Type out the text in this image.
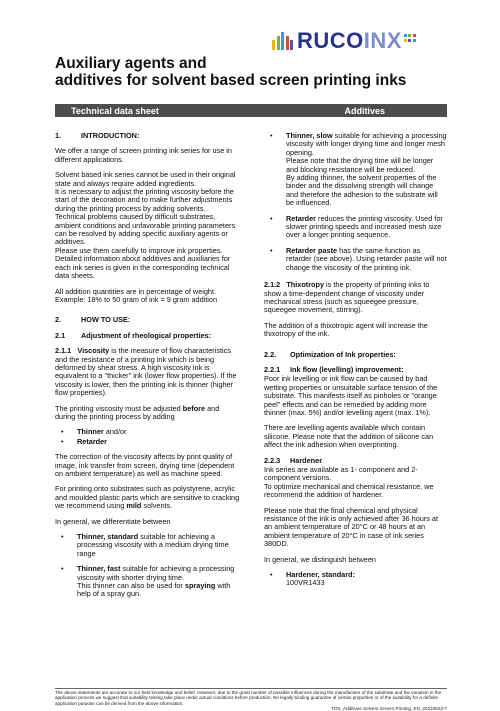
RUCOINX
Auxiliary agents and
additives for solvent based screen printing inks
Technical data sheet	Additives
1.	INTRODUCTION:

We offer a range of screen printing ink series for use in different applications.

Solvent based ink series cannot be used in their original state and always require added ingredients.
It is necessary to adjust the printing viscosity before the start of the decoration and to make further adjustments during the printing process by adding solvents.
Technical problems caused by difficult substrates, ambient conditions and unfavorable printing parameters can be resolved by adding specific auxiliary agents or additives.
Please use them carefully to improve ink properties.
Detailed information about additives and auxiliaries for each ink series is given in the corresponding technical data sheets.

All addition quantities are in percentage of weight.
Example: 18% to 50 gram of ink = 9 gram addition

2.	HOW TO USE:
2.1	Adjustment of rheological properties:

2.1.1 Viscosity is the measure of flow characteristics and the resistance of a printing ink which is being deformed by shear stress. A high viscosity ink is equivalent to a "thicker" ink (lower flow properties). If the viscosity is lower, then the printing ink is thinner (higher flow properties).

The printing viscosity must be adjusted before and during the printing process by adding

•	Thinner and/or
•	Retarder

The correction of the viscosity affects by print quality of image, ink transfer from screen, drying time (dependent on ambient temperature) as well as machine speed.

For printing onto substrates such as polystyrene, acrylic and moulded plastic parts which are sensitive to cracking we recommend using mild solvents.

In general, we differentiate between

•	Thinner, standard suitable for achieving a processing viscosity with a medium drying time range
•	Thinner, fast suitable for achieving a processing viscosity with shorter drying time.
This thinner can also be used for spraying with help of a spray gun.
•	Thinner, slow suitable for achieving a processing viscosity with longer drying time and longer mesh opening.
Please note that the drying time will be longer and blocking resistance will be reduced.
By adding thinner, the solvent properties of the binder and the dissolving strength will change and therefore the adhesion to the substrate will be influenced.
•	Retarder reduces the printing viscosity. Used for slower printing speeds and increased mesh size over a longer printing sequence.
•	Retarder paste has the same function as retarder (see above). Using retarder paste will not change the viscosity of the printing ink.

2.1.2 Thixotropy is the property of printing inks to show a time-dependent change of viscosity under mechanical stress (such as squeegee pressure, squeegee movement, stirring).

The addition of a thixotropic agent will increase the thixotropy of the ink.

2.2.	Optimization of Ink properties:
2.2.1	Ink flow (levelling) improvement:

Poor ink levelling or ink flow can be caused by bad wetting properties or unsuitable surface tension of the substrate. This manifests itself as pinholes or "orange peel" effects and can be remedied by adding more thinner (max. 5%) and/or levelling agent (max. 1%).

There are levelling agents available which contain silicone. Please note that the addition of silicone can affect the ink adhesion when overprinting.

2.2.3	Hardener

Ink series are available as 1- component and 2-component versions.
To optimize mechanical and chemical resistance, we recommend the addition of hardener.

Please note that the final chemical and physical resistance of the ink is only achieved after 36 hours at an ambient temperature of 20°C or 48 hours at an ambient temperature of 20°C in case of ink series 380DD.

In general, we distinguish between

•	Hardener, standard:
100VR1433
The above statements are accurate to our best knowledge and belief. However, due to the great number of possible influences during the manufacture of the substrate and the variation in the application process we suggest that suitability testing take place under actual conditions before production. No legally binding guarantee of certain properties or of the suitability for a definite application purpose can be derived from the above information.
TDS_Additives Solvent Screen Printing_EN_20210623-7
